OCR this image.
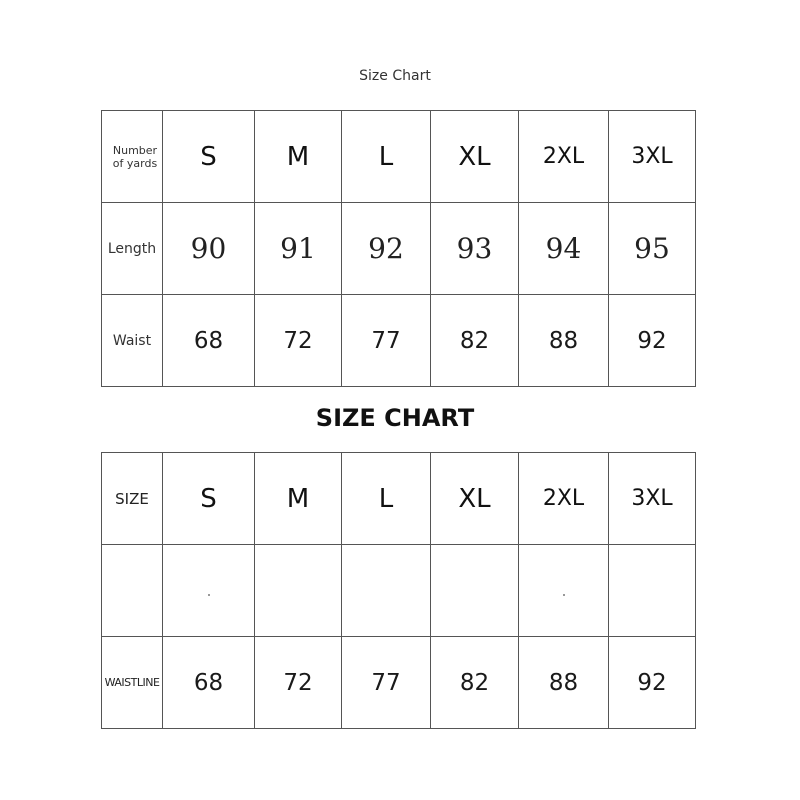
Size Chart
Number of yards	S	M	L	XL	2XL	3XL
Length	90	91	92	93	94	95
Waist	68	72	77	82	88	92
SIZE CHART
SIZE	S	M	L	XL	2XL	3XL

WAISTLINE	68	72	77	82	88	92
